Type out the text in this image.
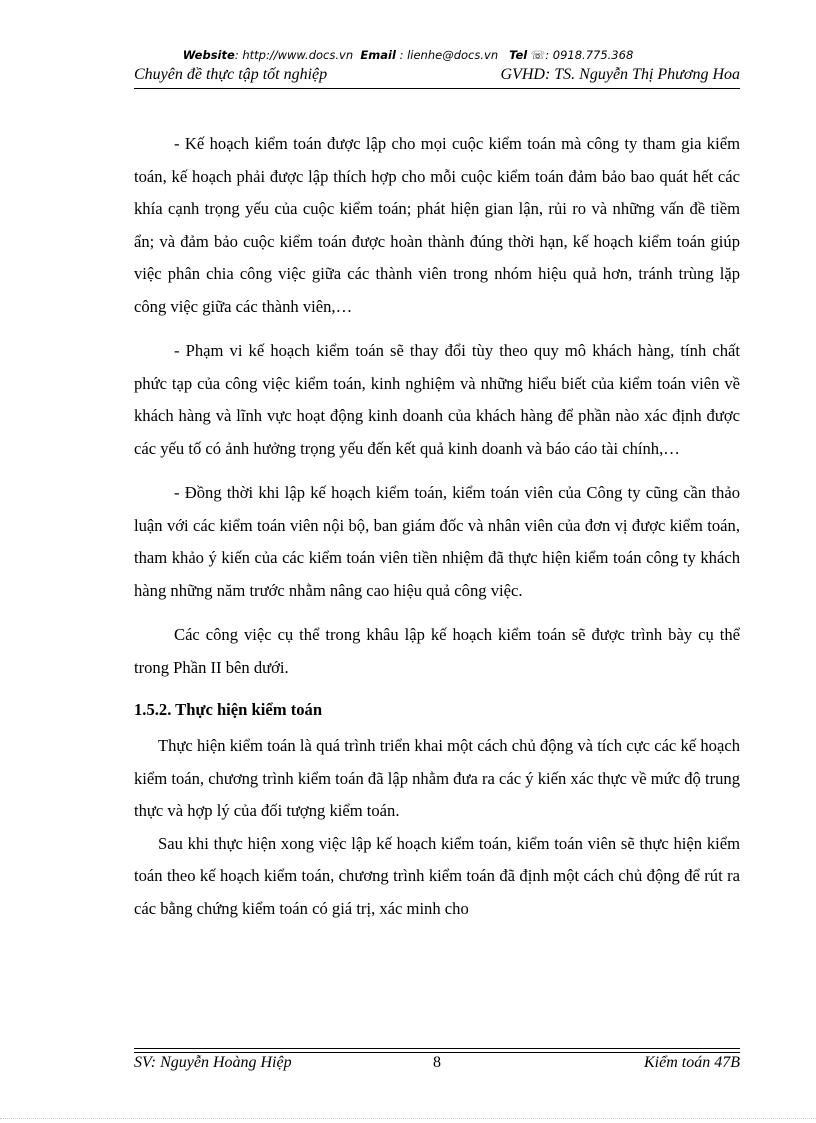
Website: http://www.docs.vn Email : lienhe@docs.vn Tel ☏: 0918.775.368
Chuyên đề thực tập tốt nghiệp	GVHD: TS. Nguyễn Thị Phương Hoa

- Kế hoạch kiểm toán được lập cho mọi cuộc kiểm toán mà công ty tham gia kiểm toán, kế hoạch phải được lập thích hợp cho mỗi cuộc kiểm toán đảm bảo bao quát hết các khía cạnh trọng yếu của cuộc kiểm toán; phát hiện gian lận, rủi ro và những vấn đề tiềm ẩn; và đảm bảo cuộc kiểm toán được hoàn thành đúng thời hạn, kế hoạch kiểm toán giúp việc phân chia công việc giữa các thành viên trong nhóm hiệu quả hơn, tránh trùng lặp công việc giữa các thành viên,…

- Phạm vi kế hoạch kiểm toán sẽ thay đổi tùy theo quy mô khách hàng, tính chất phức tạp của công việc kiểm toán, kinh nghiệm và những hiểu biết của kiểm toán viên về khách hàng và lĩnh vực hoạt động kinh doanh của khách hàng để phần nào xác định được các yếu tố có ảnh hưởng trọng yếu đến kết quả kinh doanh và báo cáo tài chính,…

- Đồng thời khi lập kế hoạch kiểm toán, kiểm toán viên của Công ty cũng cần thảo luận với các kiểm toán viên nội bộ, ban giám đốc và nhân viên của đơn vị được kiểm toán, tham khảo ý kiến của các kiểm toán viên tiền nhiệm đã thực hiện kiểm toán công ty khách hàng những năm trước nhằm nâng cao hiệu quả công việc.

Các công việc cụ thể trong khâu lập kế hoạch kiểm toán sẽ được trình bày cụ thể trong Phần II bên dưới.

1.5.2. Thực hiện kiểm toán

Thực hiện kiểm toán là quá trình triển khai một cách chủ động và tích cực các kế hoạch kiểm toán, chương trình kiểm toán đã lập nhằm đưa ra các ý kiến xác thực về mức độ trung thực và hợp lý của đối tượng kiểm toán.

Sau khi thực hiện xong việc lập kế hoạch kiểm toán, kiểm toán viên sẽ thực hiện kiểm toán theo kế hoạch kiểm toán, chương trình kiểm toán đã định một cách chủ động để rút ra các bằng chứng kiểm toán có giá trị, xác minh cho

SV: Nguyễn Hoàng Hiệp	8	Kiểm toán 47B
